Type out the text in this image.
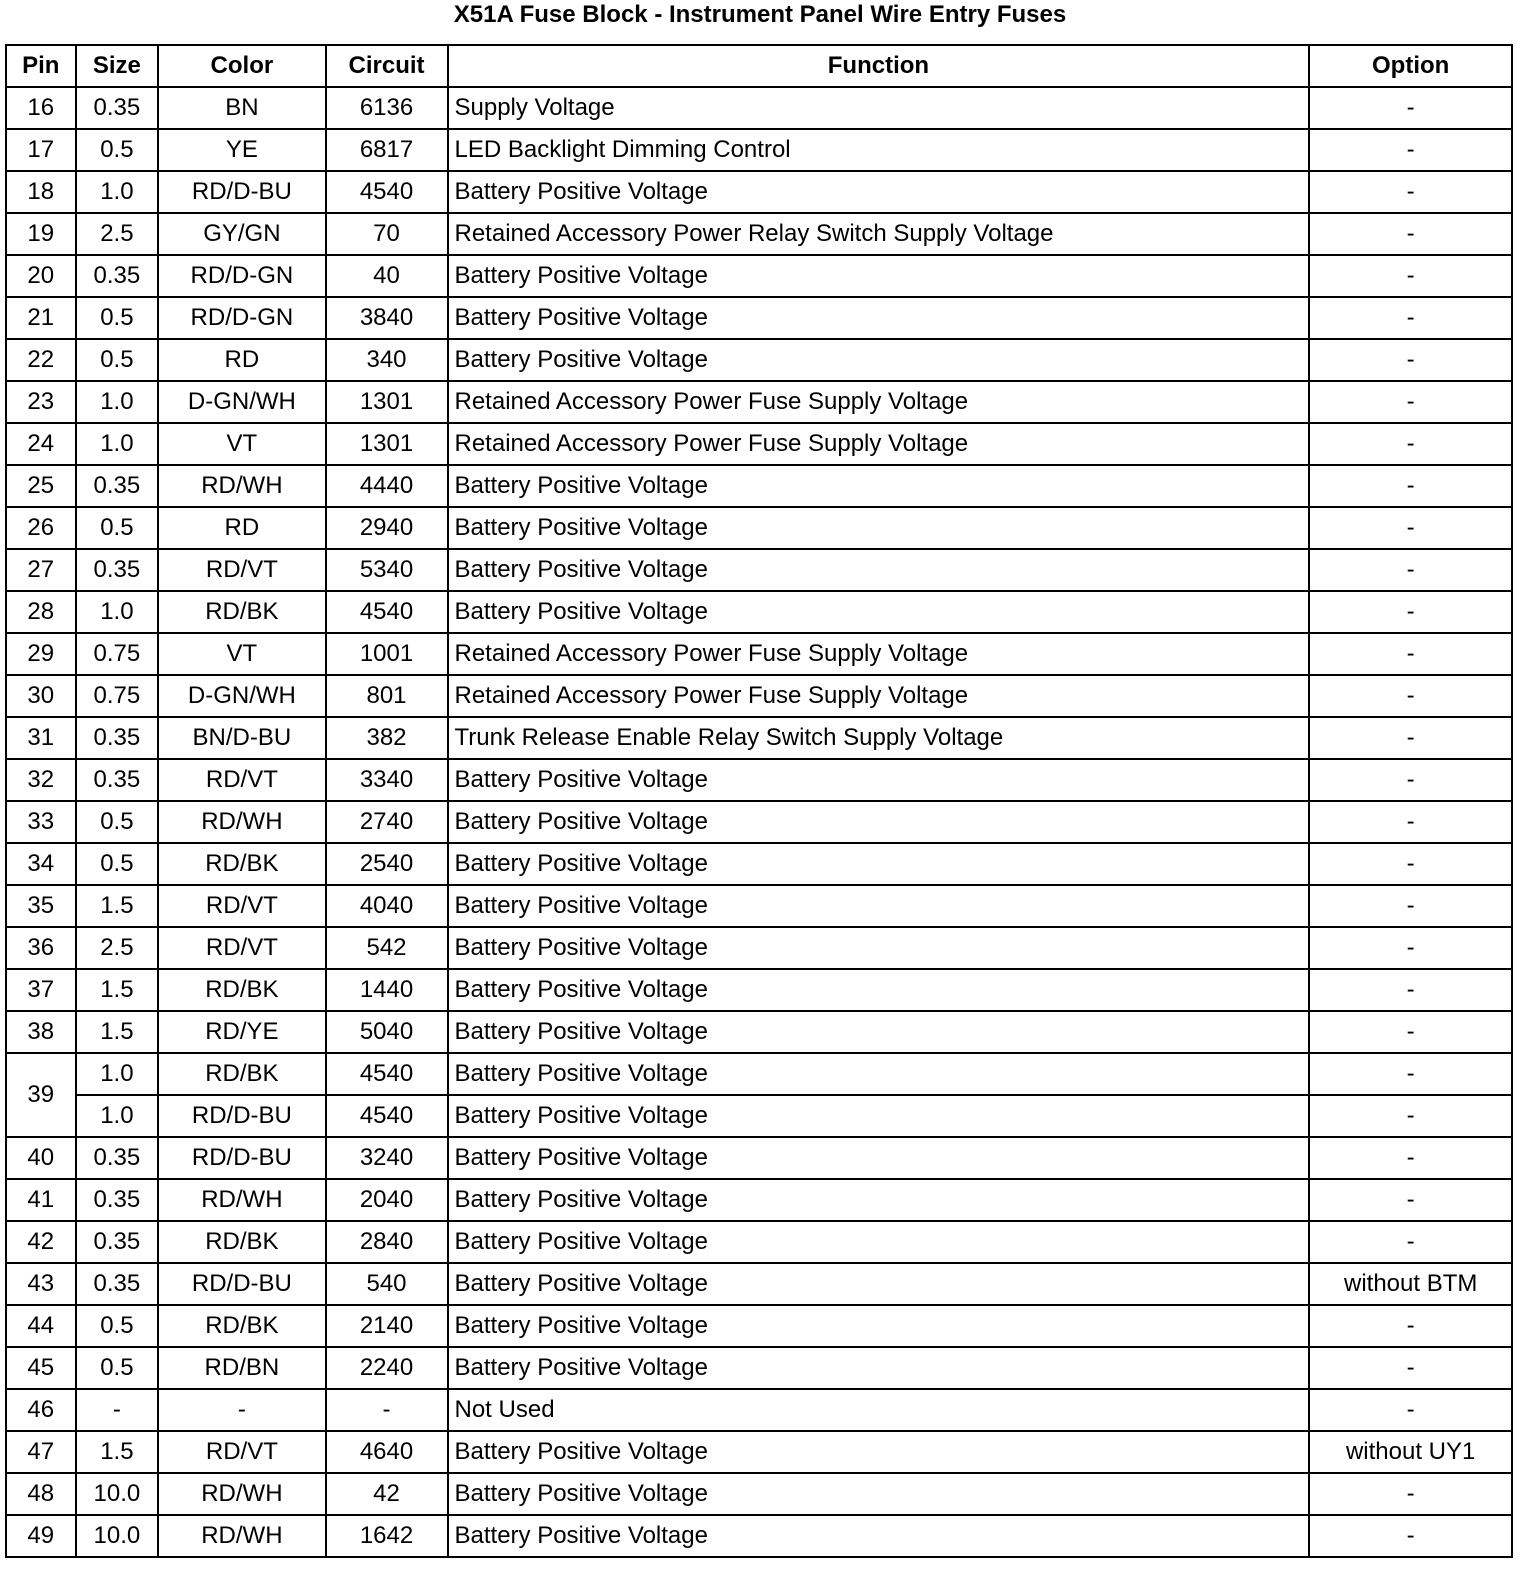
X51A Fuse Block - Instrument Panel Wire Entry Fuses
Pin	Size	Color	Circuit	Function	Option
16	0.35	BN	6136	Supply Voltage	-
17	0.5	YE	6817	LED Backlight Dimming Control	-
18	1.0	RD/D-BU	4540	Battery Positive Voltage	-
19	2.5	GY/GN	70	Retained Accessory Power Relay Switch Supply Voltage	-
20	0.35	RD/D-GN	40	Battery Positive Voltage	-
21	0.5	RD/D-GN	3840	Battery Positive Voltage	-
22	0.5	RD	340	Battery Positive Voltage	-
23	1.0	D-GN/WH	1301	Retained Accessory Power Fuse Supply Voltage	-
24	1.0	VT	1301	Retained Accessory Power Fuse Supply Voltage	-
25	0.35	RD/WH	4440	Battery Positive Voltage	-
26	0.5	RD	2940	Battery Positive Voltage	-
27	0.35	RD/VT	5340	Battery Positive Voltage	-
28	1.0	RD/BK	4540	Battery Positive Voltage	-
29	0.75	VT	1001	Retained Accessory Power Fuse Supply Voltage	-
30	0.75	D-GN/WH	801	Retained Accessory Power Fuse Supply Voltage	-
31	0.35	BN/D-BU	382	Trunk Release Enable Relay Switch Supply Voltage	-
32	0.35	RD/VT	3340	Battery Positive Voltage	-
33	0.5	RD/WH	2740	Battery Positive Voltage	-
34	0.5	RD/BK	2540	Battery Positive Voltage	-
35	1.5	RD/VT	4040	Battery Positive Voltage	-
36	2.5	RD/VT	542	Battery Positive Voltage	-
37	1.5	RD/BK	1440	Battery Positive Voltage	-
38	1.5	RD/YE	5040	Battery Positive Voltage	-
39	1.0	RD/BK	4540	Battery Positive Voltage	-
	1.0	RD/D-BU	4540	Battery Positive Voltage	-
40	0.35	RD/D-BU	3240	Battery Positive Voltage	-
41	0.35	RD/WH	2040	Battery Positive Voltage	-
42	0.35	RD/BK	2840	Battery Positive Voltage	-
43	0.35	RD/D-BU	540	Battery Positive Voltage	without BTM
44	0.5	RD/BK	2140	Battery Positive Voltage	-
45	0.5	RD/BN	2240	Battery Positive Voltage	-
46	-	-	-	Not Used	-
47	1.5	RD/VT	4640	Battery Positive Voltage	without UY1
48	10.0	RD/WH	42	Battery Positive Voltage	-
49	10.0	RD/WH	1642	Battery Positive Voltage	-
